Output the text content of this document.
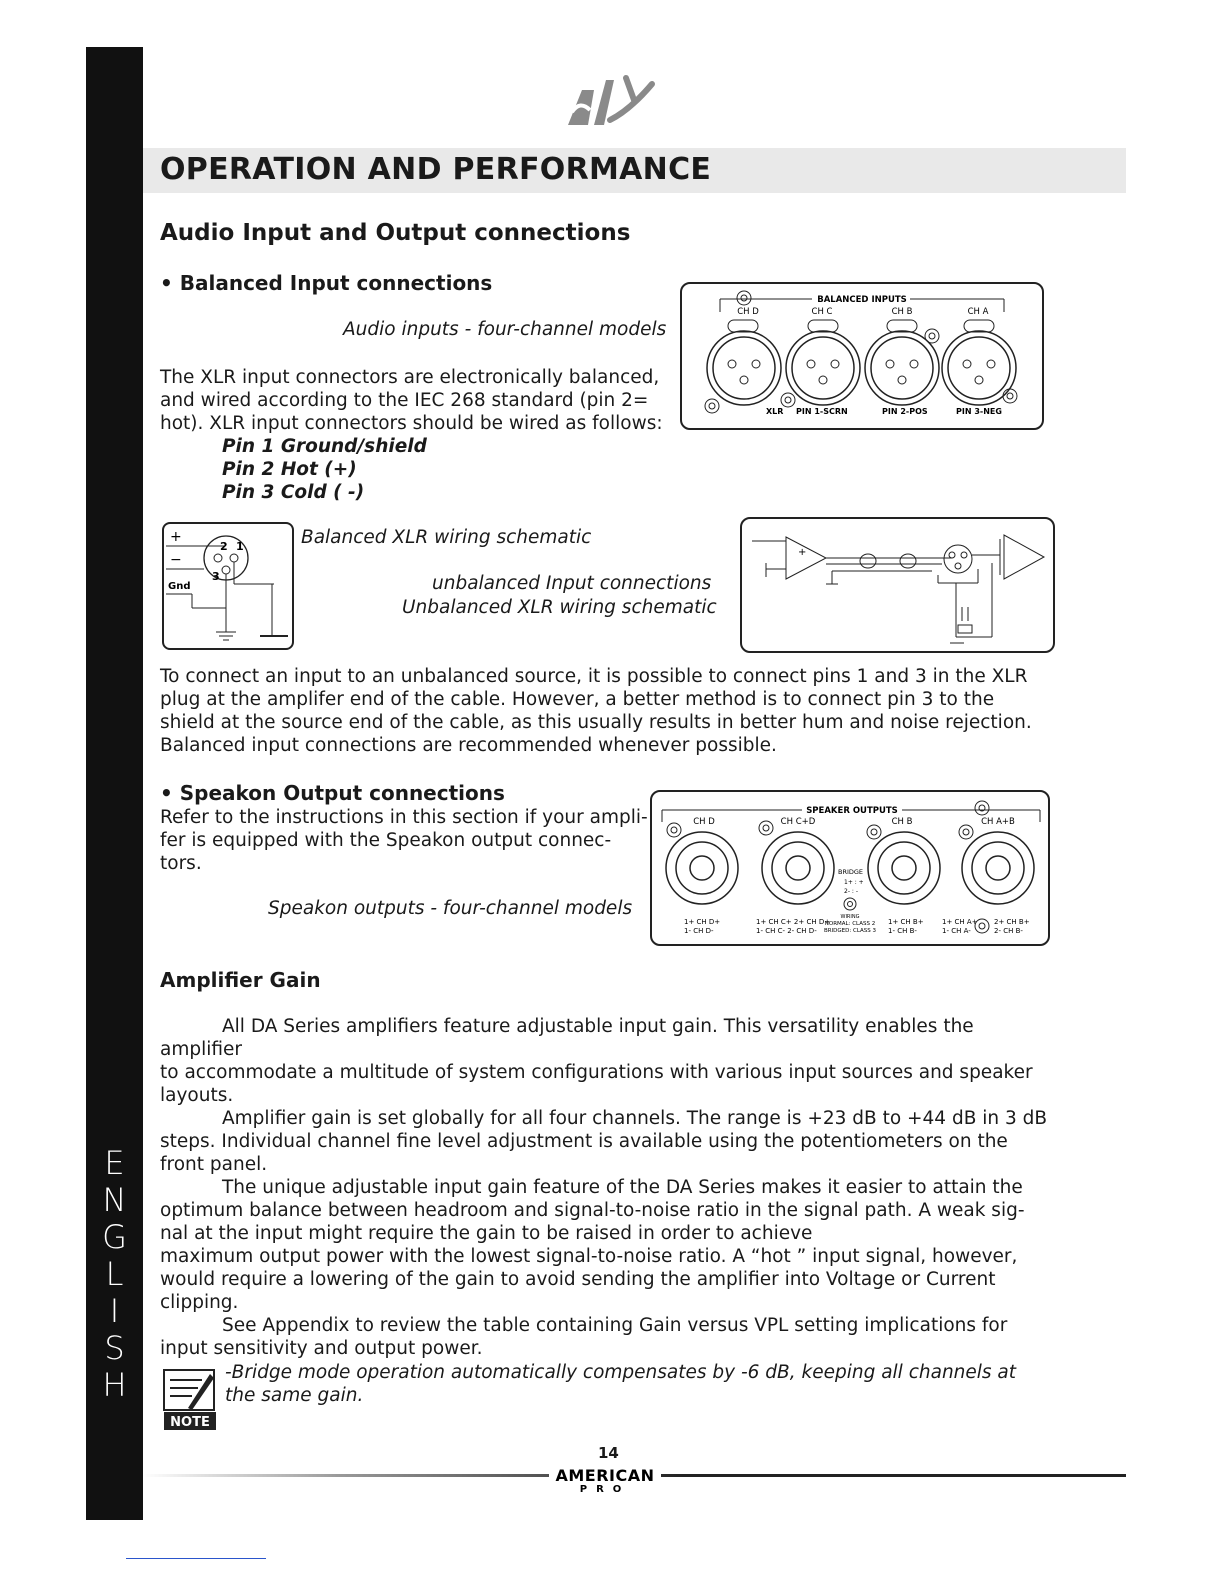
E
N
G
L
I
S
H
OPERATION AND PERFORMANCE
Audio Input and Output connections
• Balanced Input connections
Audio inputs - four-channel models
The XLR input connectors are electronically balanced,
and wired according to the IEC 268 standard (pin 2=
hot). XLR input connectors should be wired as follows:
Pin 1 Ground/shield
Pin 2 Hot (+)
Pin 3 Cold ( -)
BALANCED INPUTS
CH D	CH C	CH B	CH A
XLR PIN 1-SCRN	PIN 2-POS	PIN 3-NEG
+
−
Gnd
2 1
3
Balanced XLR wiring schematic
unbalanced Input connections
Unbalanced XLR wiring schematic
+
To connect an input to an unbalanced source, it is possible to connect pins 1 and 3 in the XLR
plug at the amplifer end of the cable. However, a better method is to connect pin 3 to the
shield at the source end of the cable, as this usually results in better hum and noise rejection.
Balanced input connections are recommended whenever possible.
• Speakon Output connections
Refer to the instructions in this section if your ampli-
fer is equipped with the Speakon output connec-
tors.
Speakon outputs - four-channel models
SPEAKER OUTPUTS
CH D	CH C+D	CH B	CH A+B
BRIDGE
1+ : +
2- : -
WIRING
NORMAL: CLASS 2
BRIDGED: CLASS 3
1+ CH D+
1- CH D-
1+ CH C+ 2+ CH D+
1- CH C- 2- CH D-
1+ CH B+
1- CH B-
1+ CH A+
1- CH A-
2+ CH B+
2- CH B-
Amplifier Gain
All DA Series amplifiers feature adjustable input gain. This versatility enables the amplifier
to accommodate a multitude of system configurations with various input sources and speaker
layouts.
Amplifier gain is set globally for all four channels. The range is +23 dB to +44 dB in 3 dB
steps. Individual channel fine level adjustment is available using the potentiometers on the
front panel.
The unique adjustable input gain feature of the DA Series makes it easier to attain the
optimum balance between headroom and signal-to-noise ratio in the signal path. A weak sig-
nal at the input might require the gain to be raised in order to achieve
maximum output power with the lowest signal-to-noise ratio. A “hot ” input signal, however,
would require a lowering of the gain to avoid sending the amplifier into Voltage or Current
clipping.
See Appendix to review the table containing Gain versus VPL setting implications for
input sensitivity and output power.
NOTE
-Bridge mode operation automatically compensates by -6 dB, keeping all channels at
the same gain.
14
AMERICAN
PRO
